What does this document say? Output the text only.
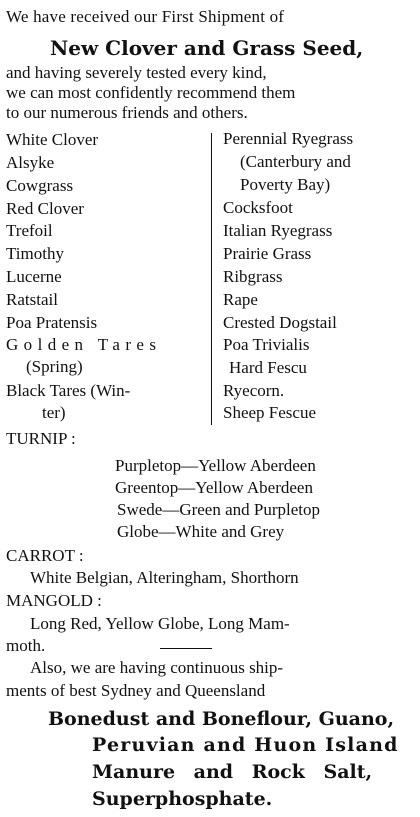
We have received our First Shipment of
New Clover and Grass Seed,
and having severely tested every kind,
we can most confidently recommend them
to our numerous friends and others.
White Clover
Alsyke
Cowgrass
Red Clover
Trefoil
Timothy
Lucerne
Ratstail
Poa Pratensis
Golden Tares
(Spring)
Black Tares (Win-
ter)
Perennial Ryegrass
(Canterbury and
Poverty Bay)
Cocksfoot
Italian Ryegrass
Prairie Grass
Ribgrass
Rape
Crested Dogstail
Poa Trivialis
Hard Fescu
Ryecorn.
Sheep Fescue
TURNIP :
Purpletop—Yellow Aberdeen
Greentop—Yellow Aberdeen
Swede—Green and Purpletop
Globe—White and Grey
CARROT :
White Belgian, Alteringham, Shorthorn
MANGOLD :
Long Red, Yellow Globe, Long Mam-
moth.
Also, we are having continuous ship-
ments of best Sydney and Queensland
Bonedust and Boneflour, Guano,
Peruvian and Huon Island
Manure and Rock Salt,
Superphosphate.
